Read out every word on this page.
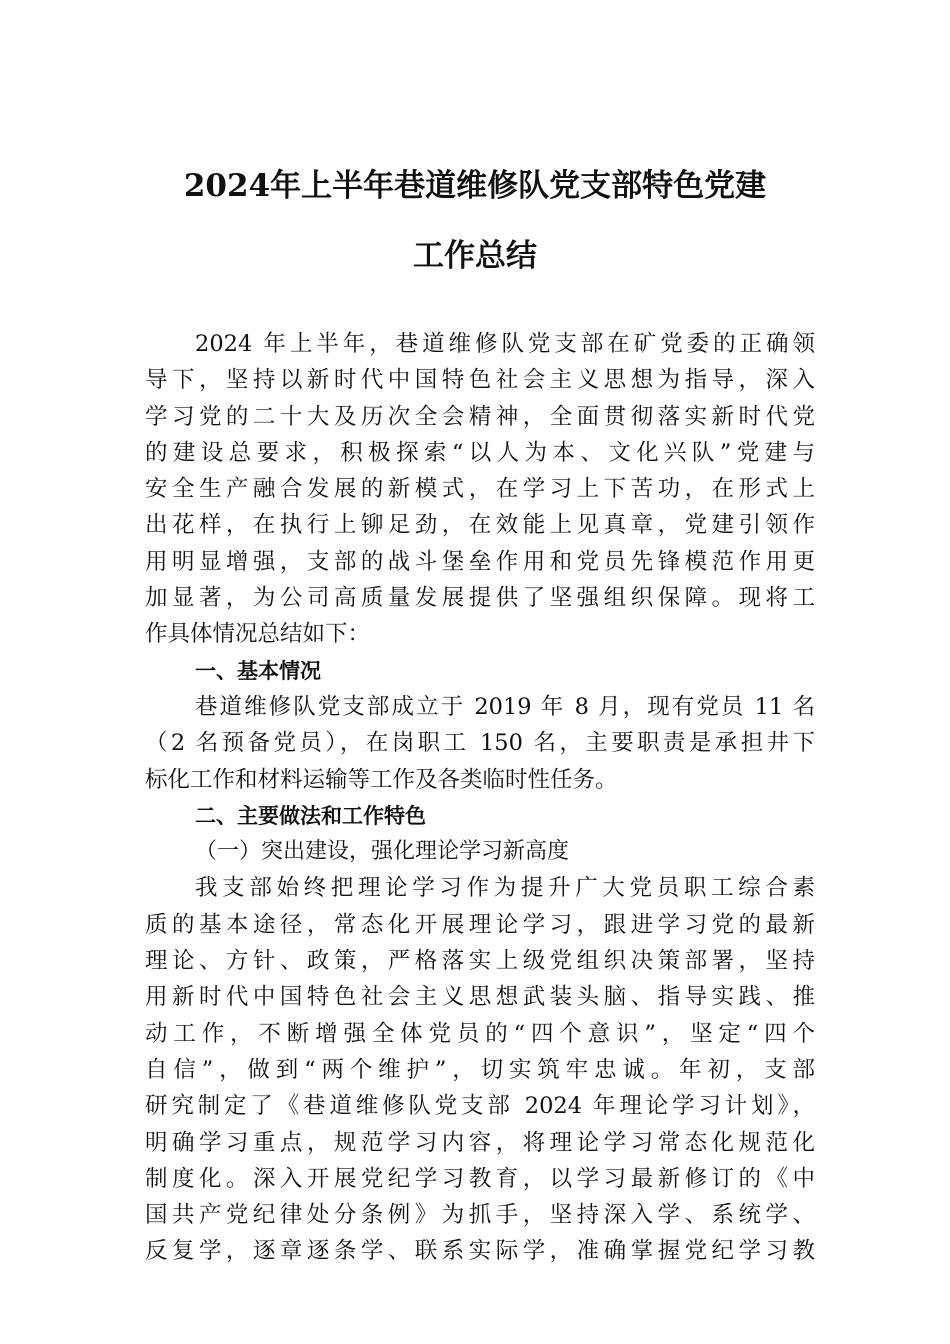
2024年上半年巷道维修队党支部特色党建
工作总结
2024 年上半年，巷道维修队党支部在矿党委的正确领
导下，坚持以新时代中国特色社会主义思想为指导，深入
学习党的二十大及历次全会精神，全面贯彻落实新时代党
的建设总要求，积极探索“以人为本、文化兴队”党建与
安全生产融合发展的新模式，在学习上下苦功，在形式上
出花样，在执行上铆足劲，在效能上见真章，党建引领作
用明显增强，支部的战斗堡垒作用和党员先锋模范作用更
加显著，为公司高质量发展提供了坚强组织保障。现将工
作具体情况总结如下：
一、基本情况
巷道维修队党支部成立于 2019 年 8 月，现有党员 11 名
（2 名预备党员），在岗职工 150 名，主要职责是承担井下
标化工作和材料运输等工作及各类临时性任务。
二、主要做法和工作特色
（一）突出建设，强化理论学习新高度
我支部始终把理论学习作为提升广大党员职工综合素
质的基本途径，常态化开展理论学习，跟进学习党的最新
理论、方针、政策，严格落实上级党组织决策部署，坚持
用新时代中国特色社会主义思想武装头脑、指导实践、推
动工作，不断增强全体党员的“四个意识”，坚定“四个
自信”，做到“两个维护”，切实筑牢忠诚。年初，支部
研究制定了《巷道维修队党支部 2024 年理论学习计划》，
明确学习重点，规范学习内容，将理论学习常态化规范化
制度化。深入开展党纪学习教育，以学习最新修订的《中
国共产党纪律处分条例》为抓手，坚持深入学、系统学、
反复学，逐章逐条学、联系实际学，准确掌握党纪学习教
